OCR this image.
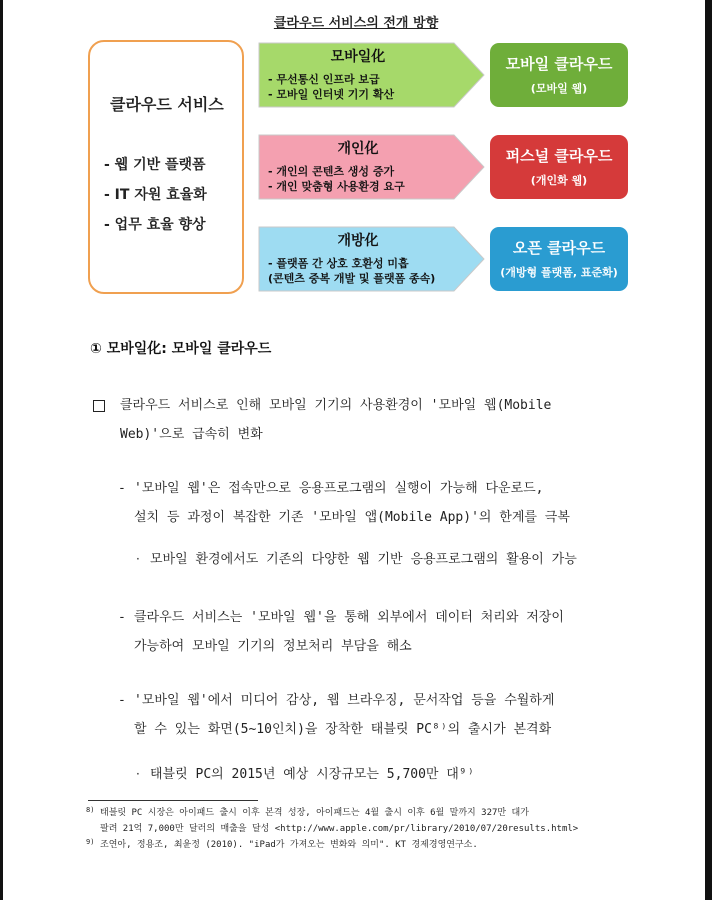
클라우드 서비스의 전개 방향
클라우드 서비스
- 웹 기반 플랫폼
- IT 자원 효율화
- 업무 효율 향상
모바일化
- 무선통신 인프라 보급
- 모바일 인터넷 기기 확산
개인化
- 개인의 콘텐츠 생성 증가
- 개인 맞춤형 사용환경 요구
개방化
- 플랫폼 간 상호 호환성 미흡
(콘텐츠 중복 개발 및 플랫폼 종속)
모바일 클라우드
(모바일 웹)
퍼스널 클라우드
(개인화 웹)
오픈 클라우드
(개방형 플랫폼, 표준화)
① 모바일化: 모바일 클라우드
클라우드 서비스로 인해 모바일 기기의 사용환경이 '모바일 웹(Mobile
Web)'으로 급속히 변화
- '모바일 웹'은 접속만으로 응용프로그램의 실행이 가능해 다운로드,
설치 등 과정이 복잡한 기존 '모바일 앱(Mobile App)'의 한계를 극복
· 모바일 환경에서도 기존의 다양한 웹 기반 응용프로그램의 활용이 가능
- 클라우드 서비스는 '모바일 웹'을 통해 외부에서 데이터 처리와 저장이
가능하여 모바일 기기의 정보처리 부담을 해소
- '모바일 웹'에서 미디어 감상, 웹 브라우징, 문서작업 등을 수월하게
할 수 있는 화면(5~10인치)을 장착한 태블릿 PC⁸⁾의 출시가 본격화
· 태블릿 PC의 2015년 예상 시장규모는 5,700만 대⁹⁾
8) 태블릿 PC 시장은 아이패드 출시 이후 본격 성장, 아이패드는 4월 출시 이후 6월 말까지 327만 대가
팔려 21억 7,000만 달러의 매출을 달성 <http://www.apple.com/pr/library/2010/07/20results.html>
9) 조연아, 정용조, 최윤정 (2010). "iPad가 가져오는 변화와 의미". KT 경제경영연구소.
